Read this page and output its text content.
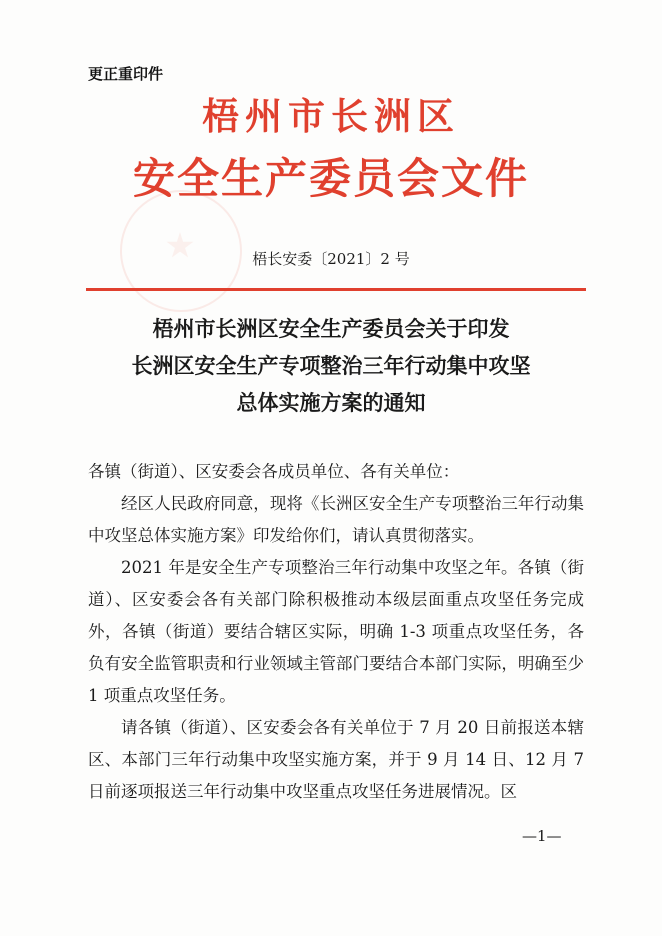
更正重印件
梧州市长洲区
安全生产委员会文件
梧长安委〔2021〕2 号
梧州市长洲区安全生产委员会关于印发
长洲区安全生产专项整治三年行动集中攻坚
总体实施方案的通知
各镇（街道）、区安委会各成员单位、各有关单位：
经区人民政府同意，现将《长洲区安全生产专项整治三年行动集中攻坚总体实施方案》印发给你们，请认真贯彻落实。
2021 年是安全生产专项整治三年行动集中攻坚之年。各镇（街道）、区安委会各有关部门除积极推动本级层面重点攻坚任务完成外，各镇（街道）要结合辖区实际，明确 1-3 项重点攻坚任务，各负有安全监管职责和行业领域主管部门要结合本部门实际，明确至少 1 项重点攻坚任务。
请各镇（街道）、区安委会各有关单位于 7 月 20 日前报送本辖区、本部门三年行动集中攻坚实施方案，并于 9 月 14 日、12 月 7 日前逐项报送三年行动集中攻坚重点攻坚任务进展情况。区
—1—
